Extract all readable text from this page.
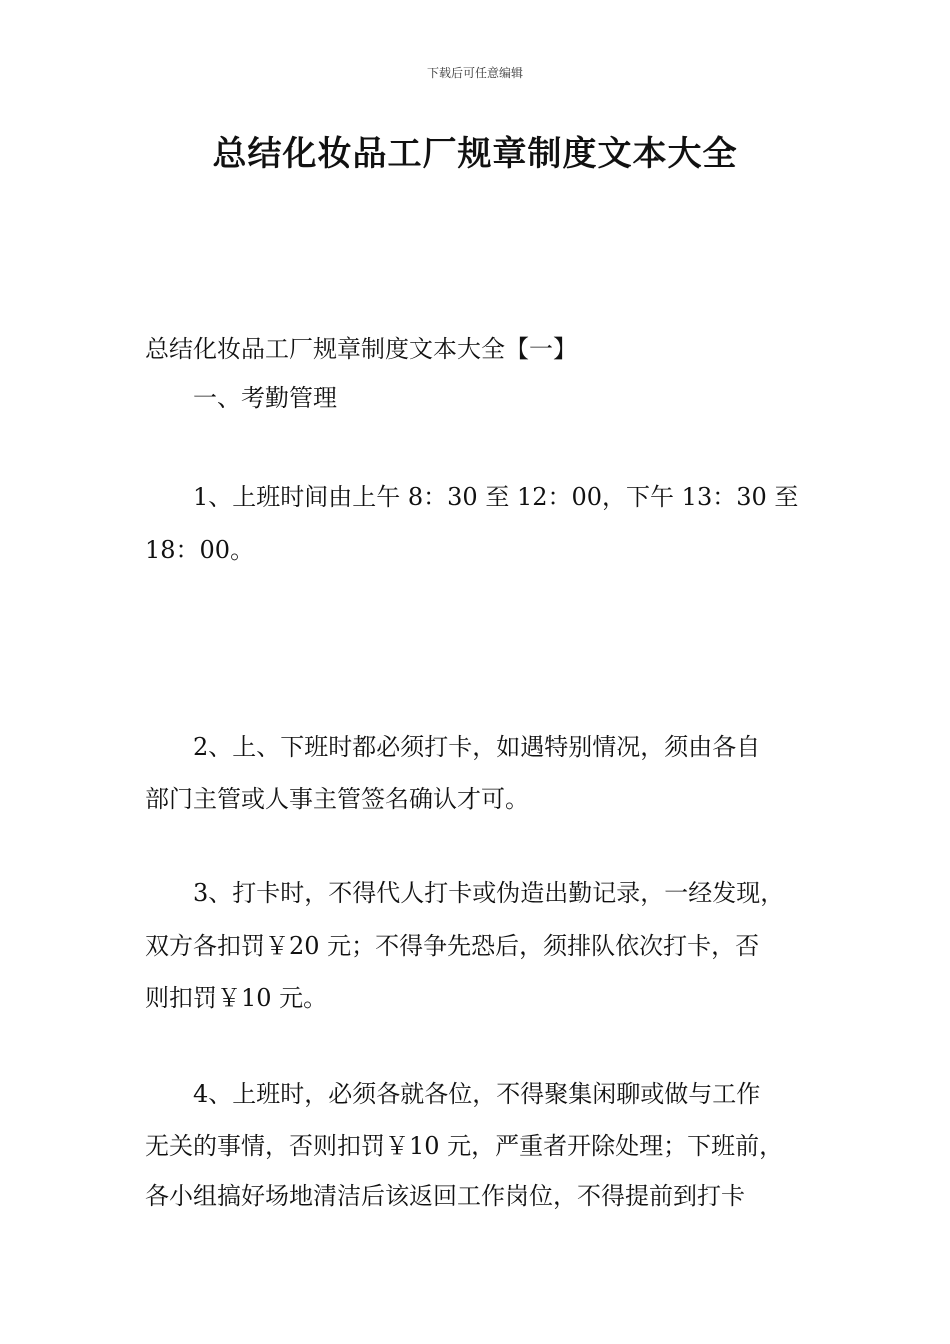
下载后可任意编辑
总结化妆品工厂规章制度文本大全
总结化妆品工厂规章制度文本大全【一】
一、考勤管理
1、上班时间由上午 8：30 至 12：00，下午 13：30 至
18：00。
2、上、下班时都必须打卡，如遇特别情况，须由各自
部门主管或人事主管签名确认才可。
3、打卡时，不得代人打卡或伪造出勤记录，一经发现，
双方各扣罚￥20 元；不得争先恐后，须排队依次打卡，否
则扣罚￥10 元。
4、上班时，必须各就各位，不得聚集闲聊或做与工作
无关的事情，否则扣罚￥10 元，严重者开除处理；下班前，
各小组搞好场地清洁后该返回工作岗位，不得提前到打卡
